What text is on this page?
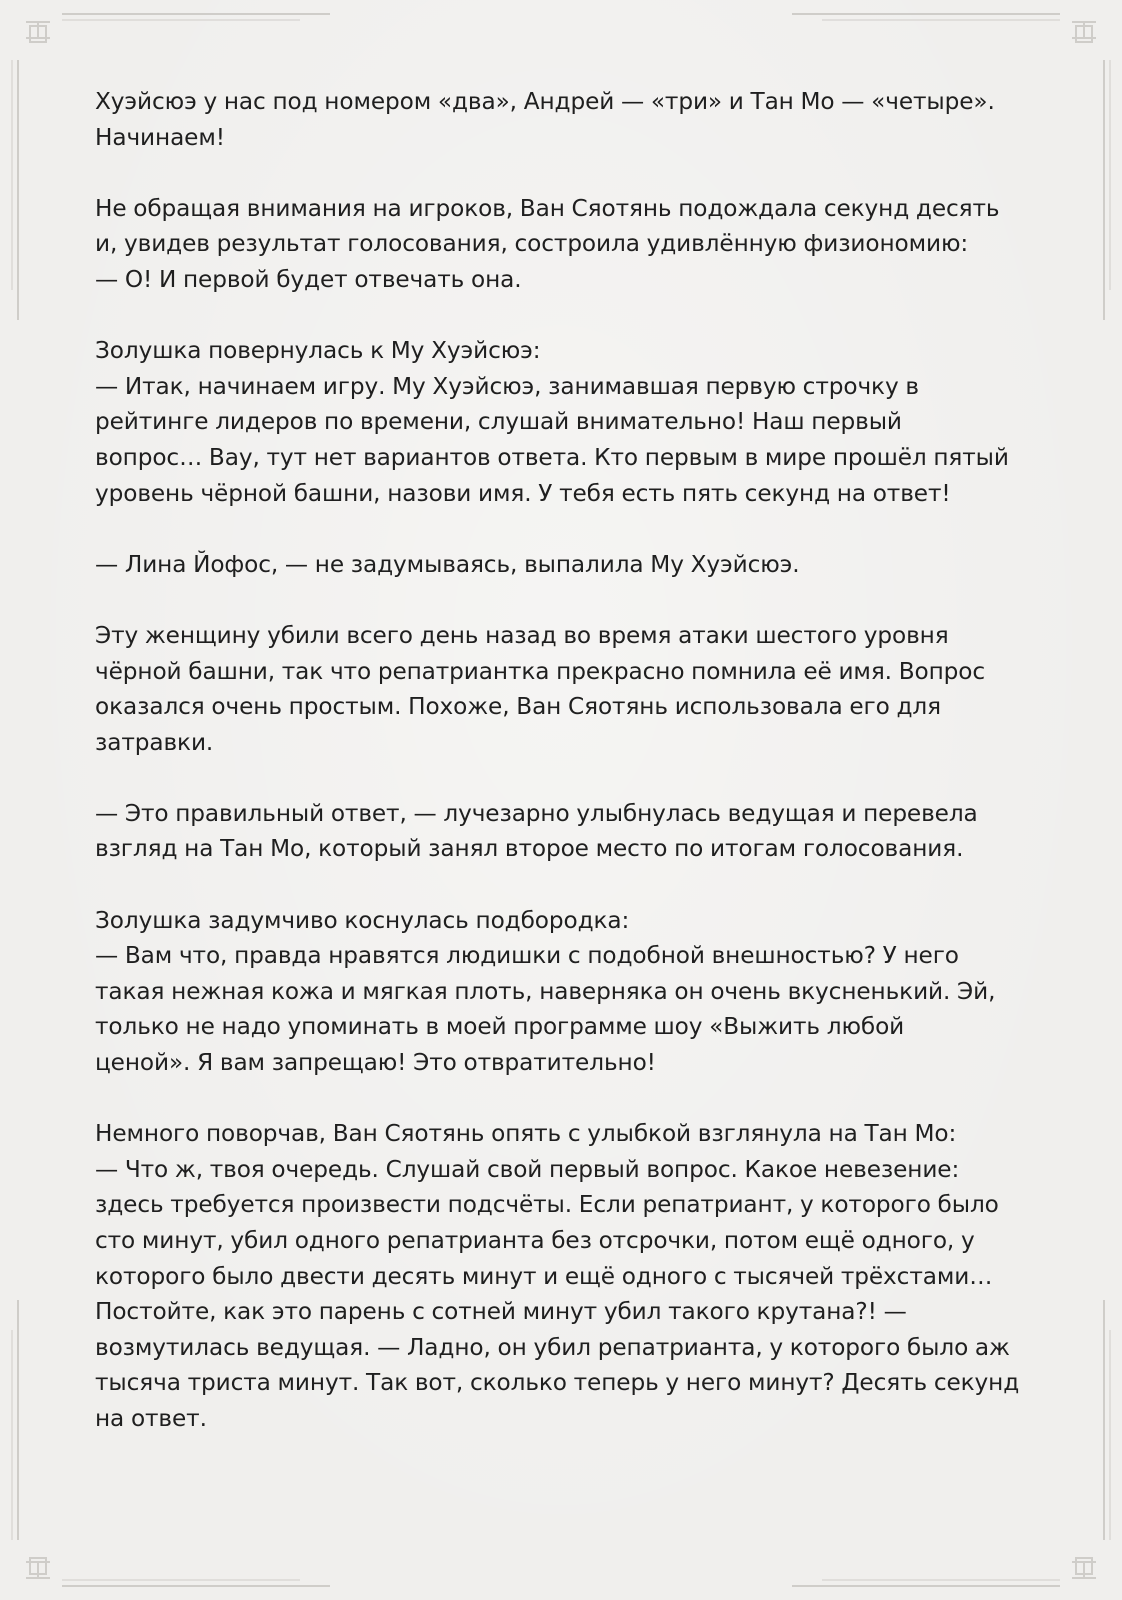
Хуэйсюэ у нас под номером «два», Андрей — «три» и Тан Мо — «четыре».
Начинаем!

Не обращая внимания на игроков, Ван Сяотянь подождала секунд десять
и, увидев результат голосования, состроила удивлённую физиономию:
— О! И первой будет отвечать она.

Золушка повернулась к Му Хуэйсюэ:
— Итак, начинаем игру. Му Хуэйсюэ, занимавшая первую строчку в
рейтинге лидеров по времени, слушай внимательно! Наш первый
вопрос… Вау, тут нет вариантов ответа. Кто первым в мире прошёл пятый
уровень чёрной башни, назови имя. У тебя есть пять секунд на ответ!

— Лина Йофос, — не задумываясь, выпалила Му Хуэйсюэ.

Эту женщину убили всего день назад во время атаки шестого уровня
чёрной башни, так что репатриантка прекрасно помнила её имя. Вопрос
оказался очень простым. Похоже, Ван Сяотянь использовала его для
затравки.

— Это правильный ответ, — лучезарно улыбнулась ведущая и перевела
взгляд на Тан Мо, который занял второе место по итогам голосования.

Золушка задумчиво коснулась подбородка:
— Вам что, правда нравятся людишки с подобной внешностью? У него
такая нежная кожа и мягкая плоть, наверняка он очень вкусненький. Эй,
только не надо упоминать в моей программе шоу «Выжить любой
ценой». Я вам запрещаю! Это отвратительно!

Немного поворчав, Ван Сяотянь опять с улыбкой взглянула на Тан Мо:
— Что ж, твоя очередь. Слушай свой первый вопрос. Какое невезение:
здесь требуется произвести подсчёты. Если репатриант, у которого было
сто минут, убил одного репатрианта без отсрочки, потом ещё одного, у
которого было двести десять минут и ещё одного с тысячей трёхстами…
Постойте, как это парень с сотней минут убил такого крутана?! —
возмутилась ведущая. — Ладно, он убил репатрианта, у которого было аж
тысяча триста минут. Так вот, сколько теперь у него минут? Десять секунд
на ответ.
